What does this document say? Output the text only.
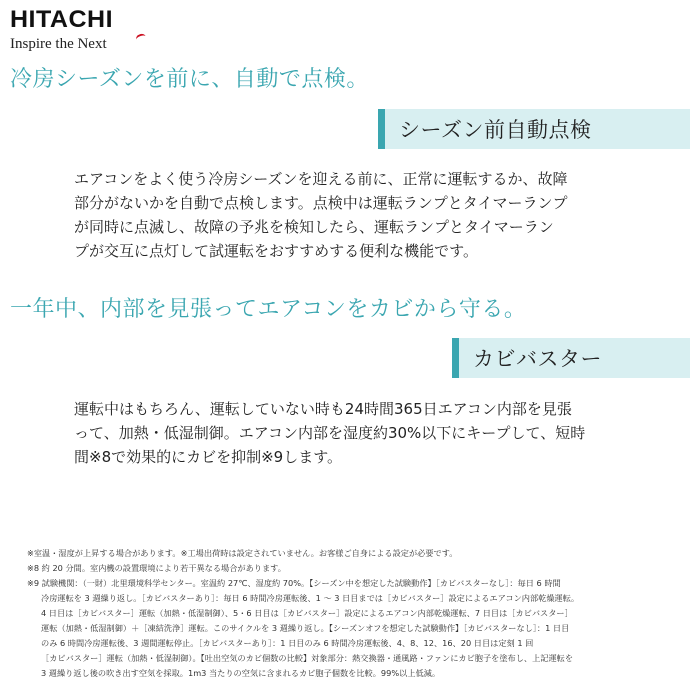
HITACHI
Inspire the Next
冷房シーズンを前に、自動で点検。
シーズン前自動点検

エアコンをよく使う冷房シーズンを迎える前に、正常に運転するか、故障

部分がないかを自動で点検します。点検中は運転ランプとタイマーランプ

が同時に点滅し、故障の予兆を検知したら、運転ランプとタイマーラン

プが交互に点灯して試運転をおすすめする便利な機能です。

一年中、内部を見張ってエアコンをカビから守る。
カビバスター

運転中はもちろん、運転していない時も24時間365日エアコン内部を見張

って、加熱・低湿制御。エアコン内部を湿度約30%以下にキープして、短時

間※8で効果的にカビを抑制※9します。

※室温・湿度が上昇する場合があります。※工場出荷時は設定されていません。お客様ご自身による設定が必要です。

※8 約 20 分間。室内機の設置環境により若干異なる場合があります。

※9 試験機関：（一財）北里環境科学センター。室温約 27℃、湿度約 70%。【シーズン中を想定した試験動作】［カビバスターなし］：毎日 6 時間

冷房運転を 3 週繰り返し。［カビバスターあり］：毎日 6 時間冷房運転後、1 ～ 3 日目までは［カビバスター］設定によるエアコン内部乾燥運転。

4 日目は［カビバスター］運転（加熱・低湿制御）、5・6 日目は［カビバスター］設定によるエアコン内部乾燥運転、7 日目は［カビバスター］

運転（加熱・低湿制御）＋［凍結洗浄］運転。このサイクルを 3 週繰り返し。【シーズンオフを想定した試験動作】［カビバスターなし］：1 日目

のみ 6 時間冷房運転後、3 週間運転停止。［カビバスターあり］：1 日目のみ 6 時間冷房運転後、4、8、12、16、20 日目は定刻 1 回

［カビバスター］運転（加熱・低湿制御）。【吐出空気のカビ個数の比較】対象部分：熱交換器・通風路・ファンにカビ胞子を塗布し、上記運転を

3 週繰り返し後の吹き出す空気を採取。1m3 当たりの空気に含まれるカビ胞子個数を比較。99%以上低減。
